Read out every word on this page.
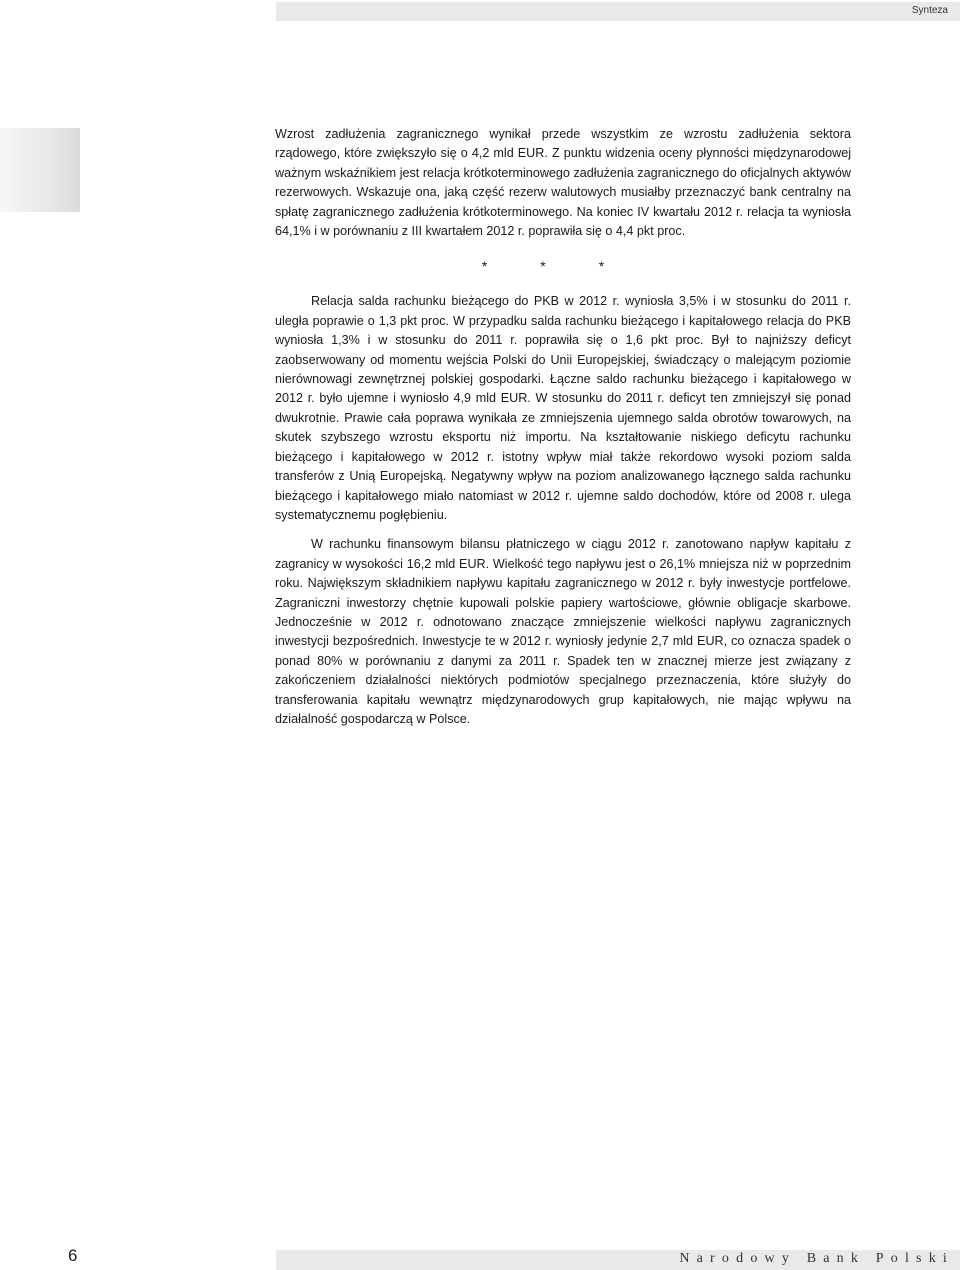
Synteza

Wzrost zadłużenia zagranicznego wynikał przede wszystkim ze wzrostu zadłużenia sektora rządowego, które zwiększyło się o 4,2 mld EUR. Z punktu widzenia oceny płynności międzynarodowej ważnym wskaźnikiem jest relacja krótkoterminowego zadłużenia zagranicznego do oficjalnych aktywów rezerwowych. Wskazuje ona, jaką część rezerw walutowych musiałby przeznaczyć bank centralny na spłatę zagranicznego zadłużenia krótkoterminowego. Na koniec IV kwartału 2012 r. relacja ta wyniosła 64,1% i w porównaniu z III kwartałem 2012 r. poprawiła się o 4,4 pkt proc.

*	*	*

Relacja salda rachunku bieżącego do PKB w 2012 r. wyniosła 3,5% i w stosunku do 2011 r. uległa poprawie o 1,3 pkt proc. W przypadku salda rachunku bieżącego i kapitałowego relacja do PKB wyniosła 1,3% i w stosunku do 2011 r. poprawiła się o 1,6 pkt proc. Był to najniższy deficyt zaobserwowany od momentu wejścia Polski do Unii Europejskiej, świadczący o malejącym poziomie nierównowagi zewnętrznej polskiej gospodarki. Łączne saldo rachunku bieżącego i kapitałowego w 2012 r. było ujemne i wyniosło 4,9 mld EUR. W stosunku do 2011 r. deficyt ten zmniejszył się ponad dwukrotnie. Prawie cała poprawa wynikała ze zmniejszenia ujemnego salda obrotów towarowych, na skutek szybszego wzrostu eksportu niż importu. Na kształtowanie niskiego deficytu rachunku bieżącego i kapitałowego w 2012 r. istotny wpływ miał także rekordowo wysoki poziom salda transferów z Unią Europejską. Negatywny wpływ na poziom analizowanego łącznego salda rachunku bieżącego i kapitałowego miało natomiast w 2012 r. ujemne saldo dochodów, które od 2008 r. ulega systematycznemu pogłębieniu.

W rachunku finansowym bilansu płatniczego w ciągu 2012 r. zanotowano napływ kapitału z zagranicy w wysokości 16,2 mld EUR. Wielkość tego napływu jest o 26,1% mniejsza niż w poprzednim roku. Największym składnikiem napływu kapitału zagranicznego w 2012 r. były inwestycje portfelowe. Zagraniczni inwestorzy chętnie kupowali polskie papiery wartościowe, głównie obligacje skarbowe. Jednocześnie w 2012 r. odnotowano znaczące zmniejszenie wielkości napływu zagranicznych inwestycji bezpośrednich. Inwestycje te w 2012 r. wyniosły jedynie 2,7 mld EUR, co oznacza spadek o ponad 80% w porównaniu z danymi za 2011 r. Spadek ten w znacznej mierze jest związany z zakończeniem działalności niektórych podmiotów specjalnego przeznaczenia, które służyły do transferowania kapitału wewnątrz międzynarodowych grup kapitałowych, nie mając wpływu na działalność gospodarczą w Polsce.

6	Narodowy Bank Polski
